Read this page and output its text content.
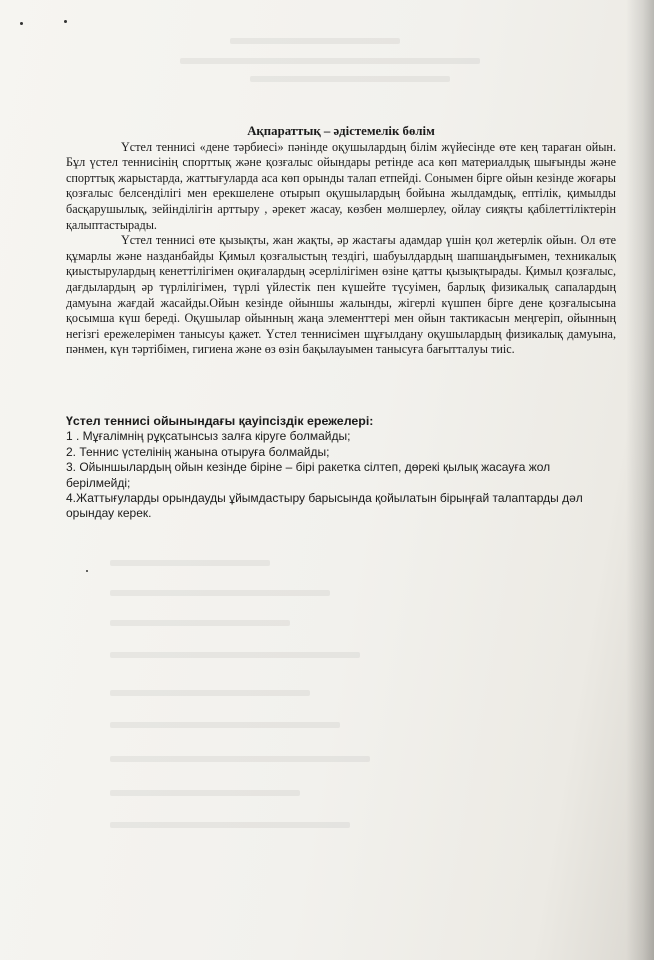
Ақпараттық – әдістемелік бөлім

Үстел теннисі «дене тәрбиесі» пәнінде оқушылардың білім жүйесінде өте кең тараған ойын. Бұл үстел теннисінің спорттық және қозғалыс ойындары ретінде аса көп материалдық шығынды және спорттық жарыстарда, жаттығуларда аса көп орынды талап етпейді. Сонымен бірге ойын кезінде жоғары қозғалыс белсенділігі мен ерекшелене отырып оқушылардың бойына жылдамдық, ептілік, қимылды басқарушылық, зейінділігін арттыру , әрекет жасау, көзбен мөлшерлеу, ойлау сияқты қабілеттіліктерін қалыптастырады.

Үстел теннисі өте қызықты, жан жақты, әр жастағы адамдар үшін қол жетерлік ойын. Ол өте құмарлы және назданбайды Қимыл қозғалыстың тездігі, шабуылдардың шапшаңдығымен, техникалық қиыстырулардың кенеттілігімен оқиғалардың әсерлілігімен өзіне қатты қызықтырады. Қимыл қозғалыс, дағдылардың әр түрлілігімен, түрлі үйлестік пен күшейте түсуімен, барлық физикалық сапалардың дамуына жағдай жасайды.Ойын кезінде ойыншы жалынды, жігерлі күшпен бірге дене қозғалысына қосымша күш береді. Оқушылар ойынның жаңа элементтері мен ойын тактикасын меңгеріп, ойынның негізгі ережелерімен танысуы қажет. Үстел теннисімен шұғылдану оқушылардың физикалық дамуына, пәнмен, күн тәртібімен, гигиена және өз өзін бақылауымен танысуға бағытталуы тиіс.

Үстел теннисі ойынындағы қауіпсіздік ережелері:

1 . Мұғалімнің рұқсатынсыз залға кіруге болмайды;

2. Теннис үстелінің жанына отыруға болмайды;

3. Ойыншылардың ойын кезінде біріне – бірі ракетка сілтеп, дөрекі қылық жасауға жол берілмейді;

4.Жаттығуларды орындауды ұйымдастыру барысында қойылатын бірыңғай талаптарды дәл орындау керек.
